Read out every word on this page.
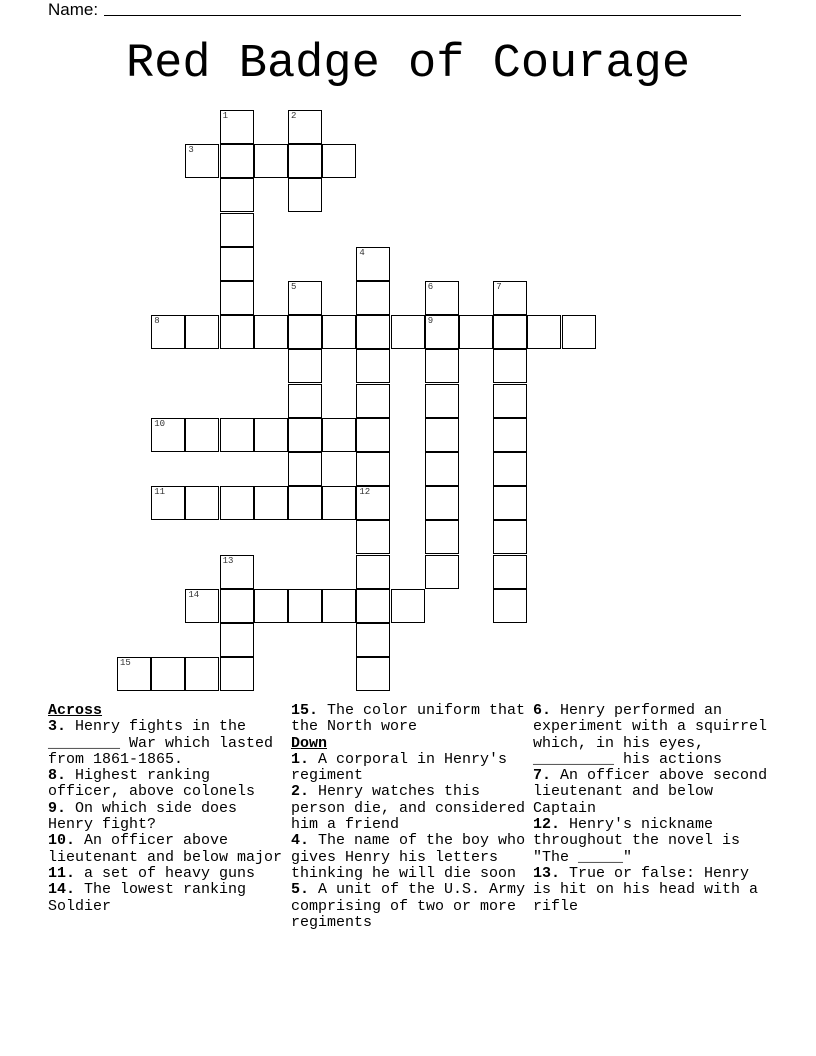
Name:
Red Badge of Courage
3
8	9
10
11	12
14
15
1	2
4
5	6	7
13
Across
3. Henry fights in the ________ War which lasted from 1861-1865.
8. Highest ranking officer, above colonels
9. On which side does Henry fight?
10. An officer above lieutenant and below major
11. a set of heavy guns
14. The lowest ranking Soldier
15. The color uniform that the North wore
Down
1. A corporal in Henry's regiment
2. Henry watches this person die, and considered him a friend
4. The name of the boy who gives Henry his letters thinking he will die soon
5. A unit of the U.S. Army comprising of two or more regiments
6. Henry performed an experiment with a squirrel which, in his eyes, _________ his actions
7. An officer above second lieutenant and below Captain
12. Henry's nickname throughout the novel is "The _____"
13. True or false: Henry is hit on his head with a rifle
